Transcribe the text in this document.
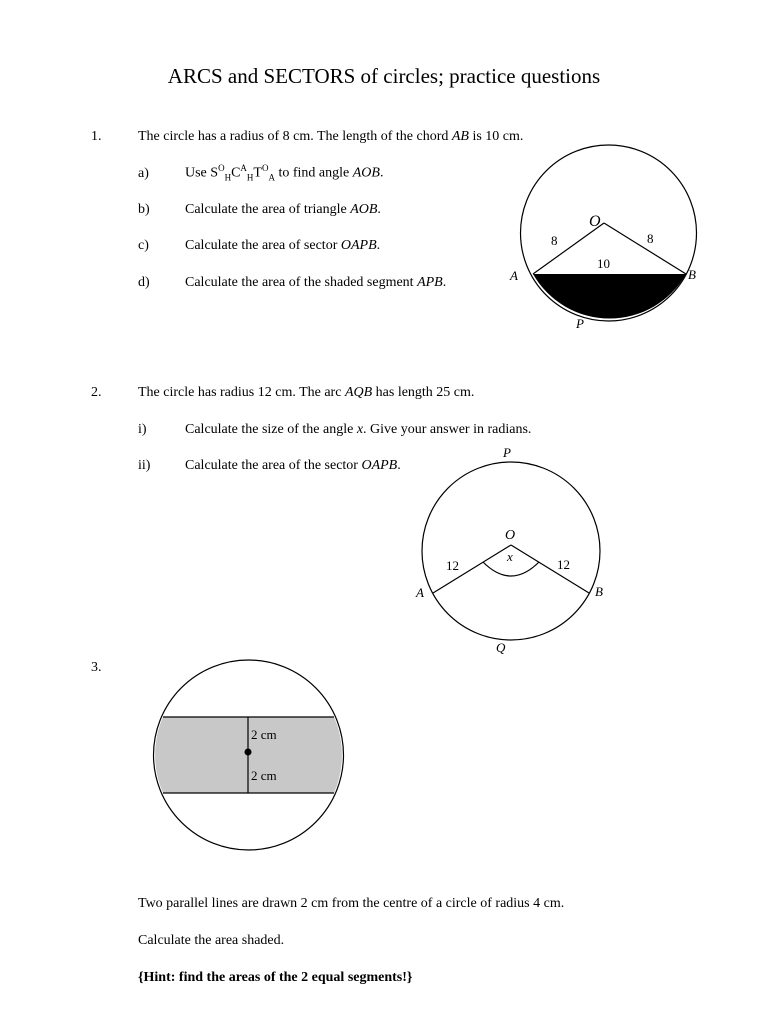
ARCS and SECTORS of circles; practice questions
1.	The circle has a radius of 8 cm. The length of the chord AB is 10 cm.
a)	Use $S^O_HC^A_HT^O_A$ to find angle AOB.
b)	Calculate the area of triangle AOB.
c)	Calculate the area of sector OAPB.
d)	Calculate the area of the shaded segment APB.
2.	The circle has radius 12 cm. The arc AQB has length 25 cm.
i)	Calculate the size of the angle x. Give your answer in radians.
ii) Calculate the area of the sector OAPB.
3.
Two parallel lines are drawn 2 cm from the centre of a circle of radius 4 cm.
Calculate the area shaded.
{Hint: find the areas of the 2 equal segments!}
O
8	8
10
A	B
P
O
x
12	12
P
A	B
Q
2 cm
2 cm
